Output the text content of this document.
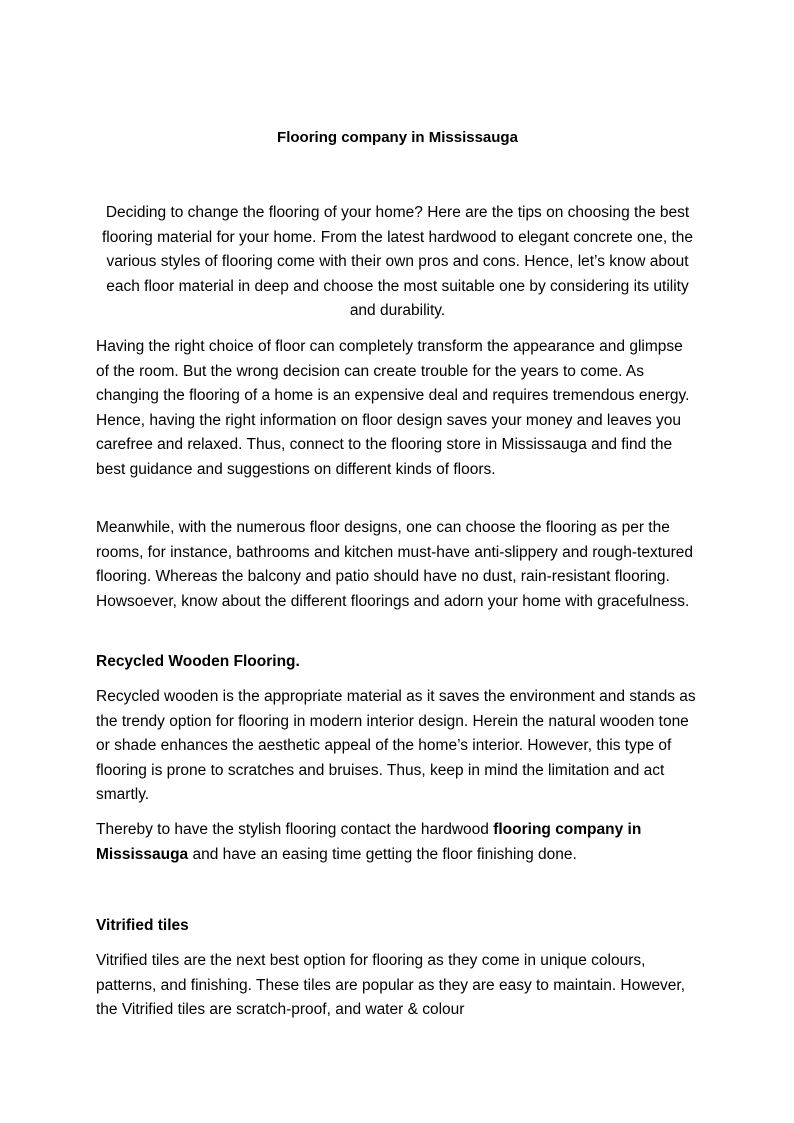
Flooring company in Mississauga

Deciding to change the flooring of your home? Here are the tips on choosing the best flooring material for your home. From the latest hardwood to elegant concrete one, the various styles of flooring come with their own pros and cons. Hence, let’s know about each floor material in deep and choose the most suitable one by considering its utility and durability.

Having the right choice of floor can completely transform the appearance and glimpse of the room. But the wrong decision can create trouble for the years to come. As changing the flooring of a home is an expensive deal and requires tremendous energy. Hence, having the right information on floor design saves your money and leaves you carefree and relaxed. Thus, connect to the flooring store in Mississauga and find the best guidance and suggestions on different kinds of floors.

Meanwhile, with the numerous floor designs, one can choose the flooring as per the rooms, for instance, bathrooms and kitchen must-have anti-slippery and rough-textured flooring. Whereas the balcony and patio should have no dust, rain-resistant flooring. Howsoever, know about the different floorings and adorn your home with gracefulness.

Recycled Wooden Flooring.

Recycled wooden is the appropriate material as it saves the environment and stands as the trendy option for flooring in modern interior design. Herein the natural wooden tone or shade enhances the aesthetic appeal of the home’s interior. However, this type of flooring is prone to scratches and bruises. Thus, keep in mind the limitation and act smartly.

Thereby to have the stylish flooring contact the hardwood flooring company in Mississauga and have an easing time getting the floor finishing done.

Vitrified tiles

Vitrified tiles are the next best option for flooring as they come in unique colours, patterns, and finishing. These tiles are popular as they are easy to maintain. However, the Vitrified tiles are scratch-proof, and water & colour
